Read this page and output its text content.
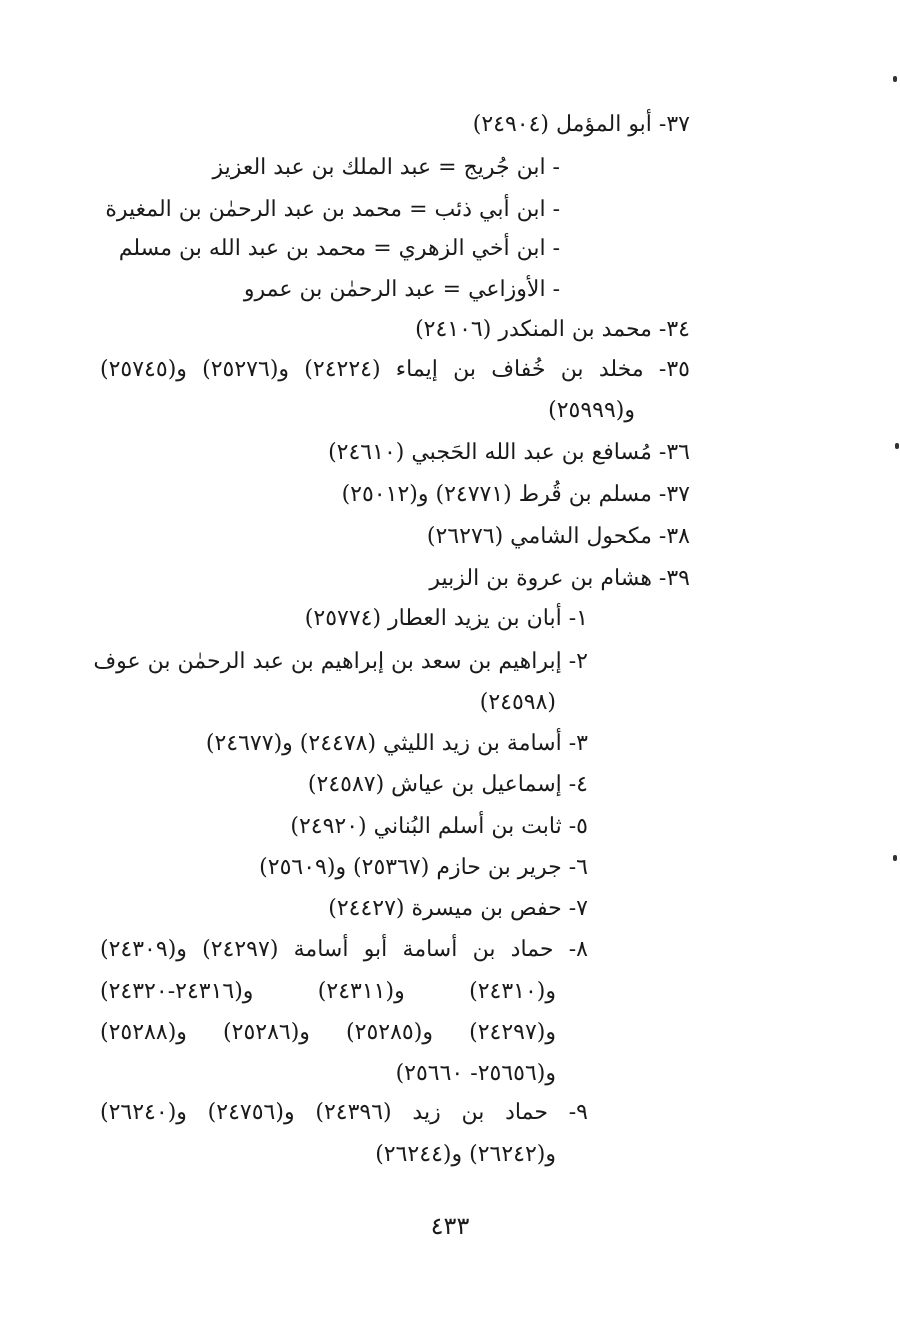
٣٧- أبو المؤمل (٢٤٩٠٤)
- ابن جُريج = عبد الملك بن عبد العزيز
- ابن أبي ذئب = محمد بن عبد الرحمٰن بن المغيرة
- ابن أخي الزهري = محمد بن عبد الله بن مسلم
- الأوزاعي = عبد الرحمٰن بن عمرو
٣٤- محمد بن المنكدر (٢٤١٠٦)
٣٥- مخلد بن خُفاف بن إيماء (٢٤٢٢٤) و(٢٥٢٧٦) و(٢٥٧٤٥)
و(٢٥٩٩٩)
٣٦- مُسافع بن عبد الله الحَجبي (٢٤٦١٠)
٣٧- مسلم بن قُرط (٢٤٧٧١) و(٢٥٠١٢)
٣٨- مكحول الشامي (٢٦٢٧٦)
٣٩- هشام بن عروة بن الزبير
١- أبان بن يزيد العطار (٢٥٧٧٤)
٢- إبراهيم بن سعد بن إبراهيم بن عبد الرحمٰن بن عوف
(٢٤٥٩٨)
٣- أسامة بن زيد الليثي (٢٤٤٧٨) و(٢٤٦٧٧)
٤- إسماعيل بن عياش (٢٤٥٨٧)
٥- ثابت بن أسلم البُناني (٢٤٩٢٠)
٦- جرير بن حازم (٢٥٣٦٧) و(٢٥٦٠٩)
٧- حفص بن ميسرة (٢٤٤٢٧)
٨- حماد بن أسامة أبو أسامة (٢٤٢٩٧) و(٢٤٣٠٩)
و(٢٤٣١٠) و(٢٤٣١١) و(٢٤٣١٦-٢٤٣٢٠)
و(٢٤٢٩٧) و(٢٥٢٨٥) و(٢٥٢٨٦) و(٢٥٢٨٨)
و(٢٥٦٥٦- ٢٥٦٦٠)
٩- حماد بن زيد (٢٤٣٩٦) و(٢٤٧٥٦) و(٢٦٢٤٠)
و(٢٦٢٤٢) و(٢٦٢٤٤)
٤٣٣
